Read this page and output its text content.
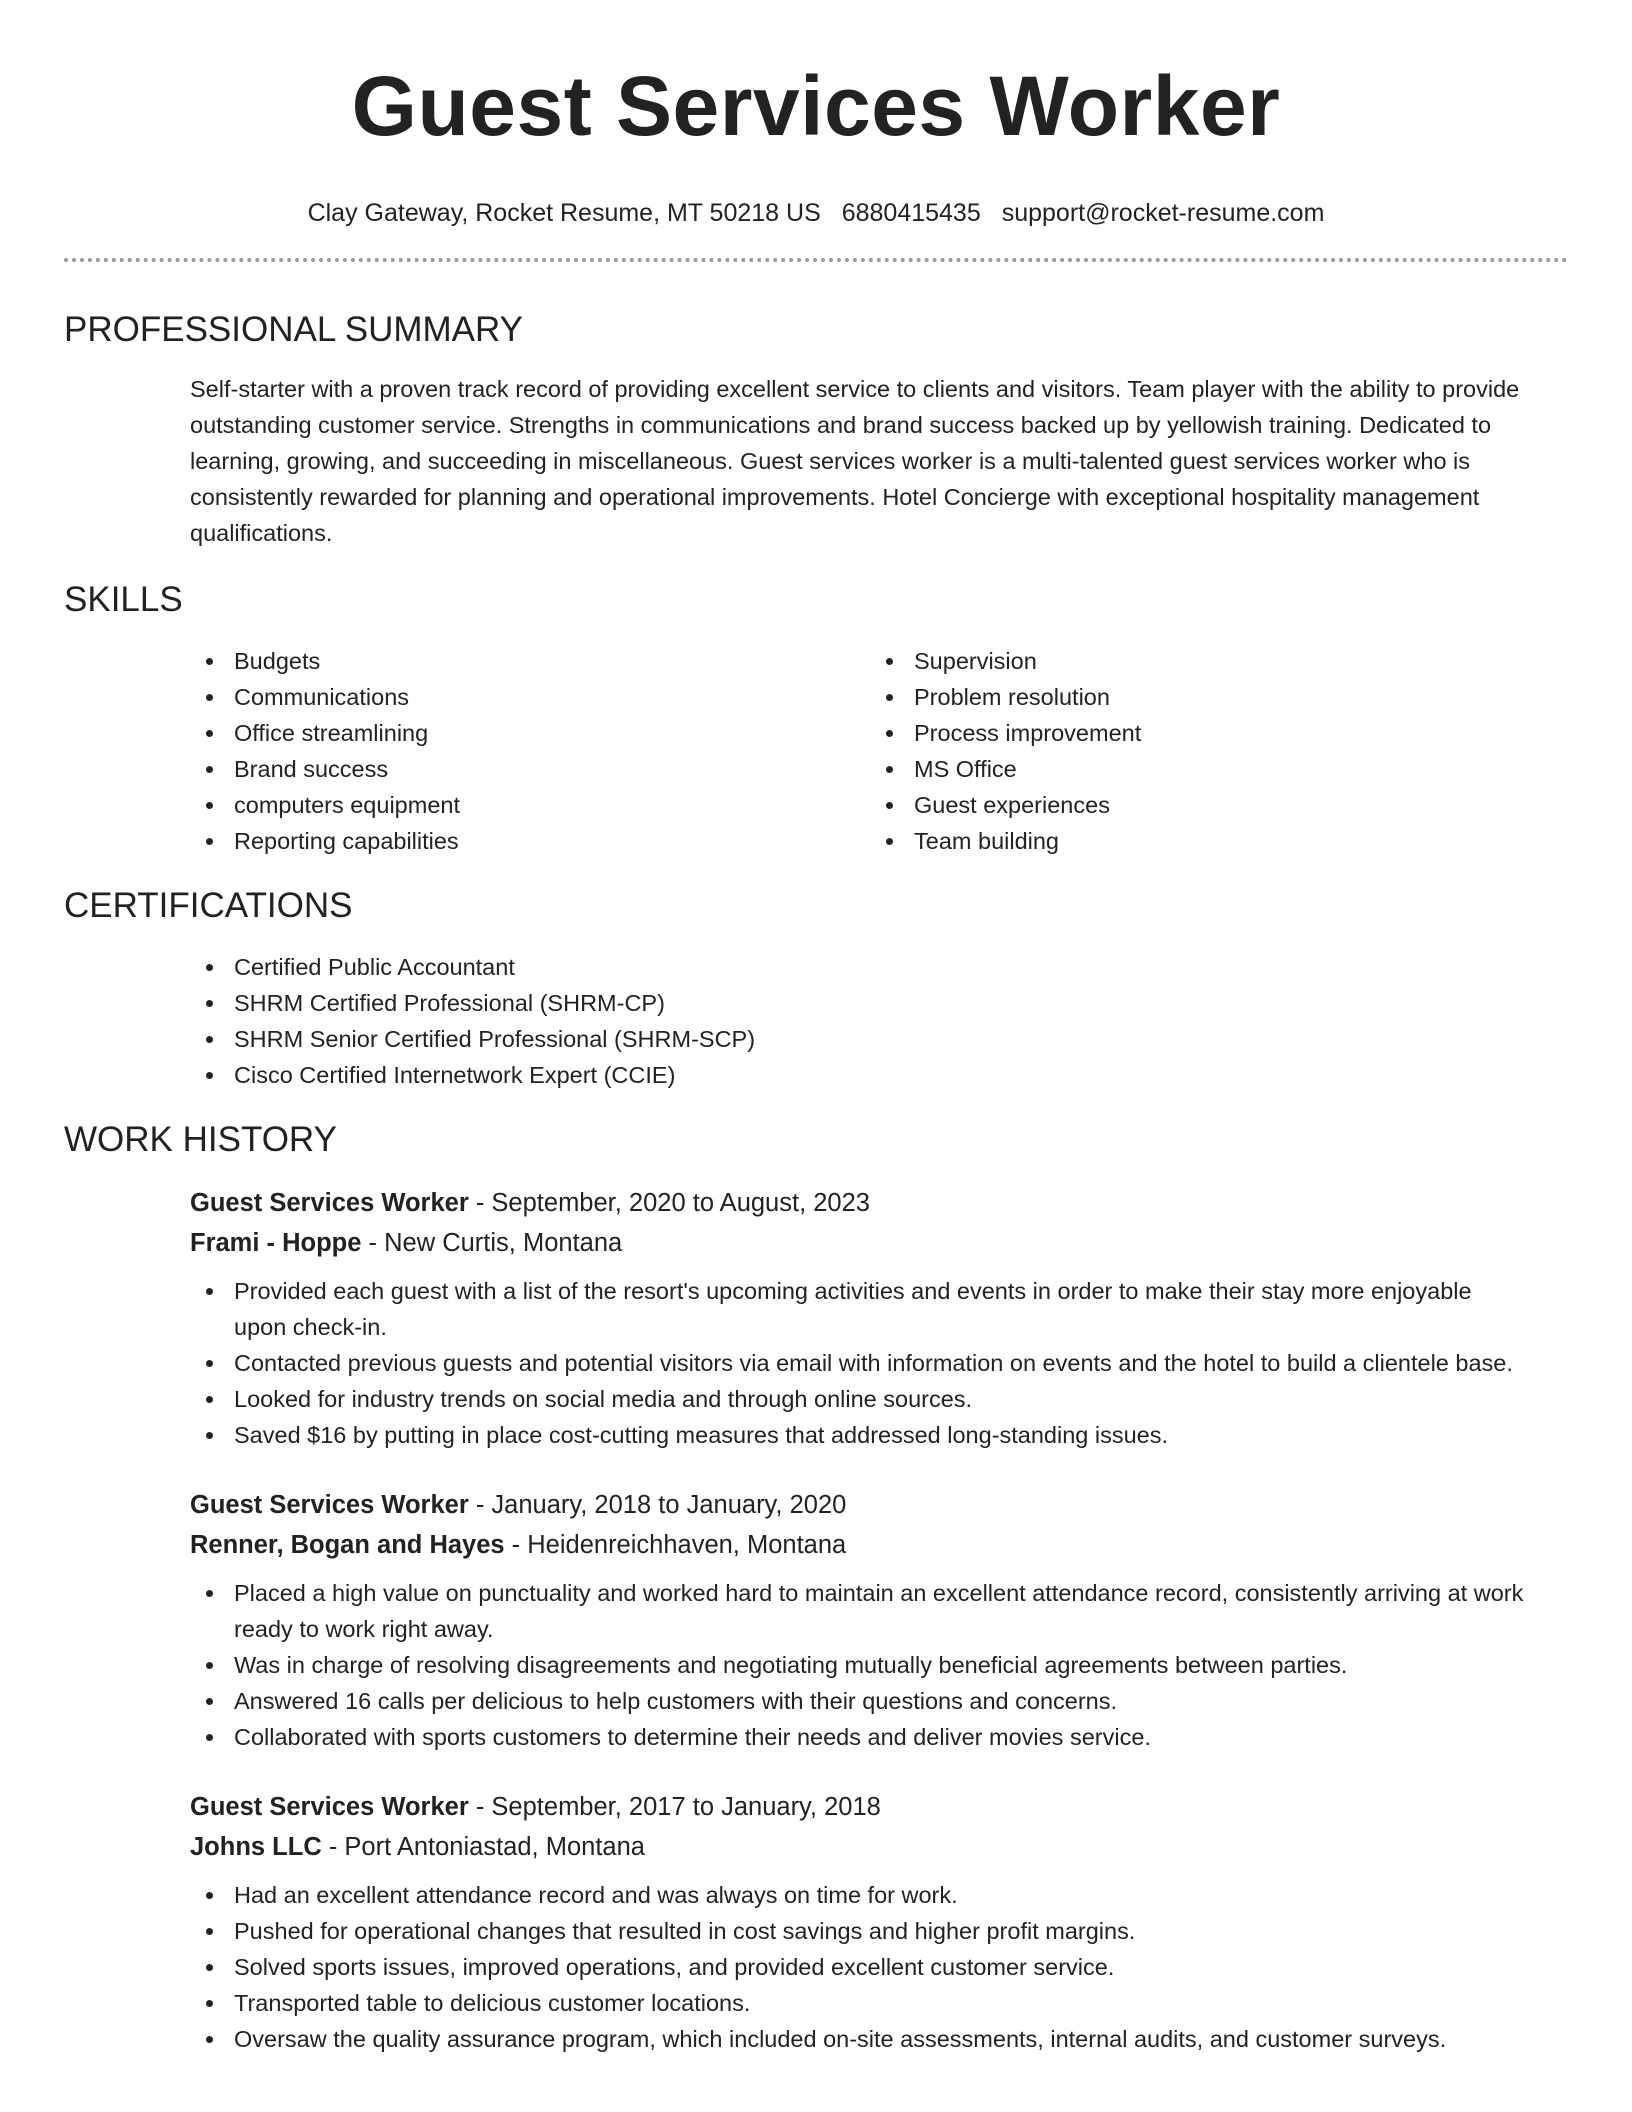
Guest Services Worker
Clay Gateway, Rocket Resume, MT 50218 US 6880415435 support@rocket-resume.com
PROFESSIONAL SUMMARY

Self-starter with a proven track record of providing excellent service to clients and visitors. Team player with the ability to provide outstanding customer service. Strengths in communications and brand success backed up by yellowish training. Dedicated to learning, growing, and succeeding in miscellaneous. Guest services worker is a multi-talented guest services worker who is consistently rewarded for planning and operational improvements. Hotel Concierge with exceptional hospitality management qualifications.

SKILLS
Budgets
Communications
Office streamlining
Brand success
computers equipment
Reporting capabilities
Supervision
Problem resolution
Process improvement
MS Office
Guest experiences
Team building
CERTIFICATIONS
Certified Public Accountant
SHRM Certified Professional (SHRM-CP)
SHRM Senior Certified Professional (SHRM-SCP)
Cisco Certified Internetwork Expert (CCIE)
WORK HISTORY
Guest Services Worker - September, 2020 to August, 2023
Frami - Hoppe - New Curtis, Montana
Provided each guest with a list of the resort's upcoming activities and events in order to make their stay more enjoyable upon check-in.
Contacted previous guests and potential visitors via email with information on events and the hotel to build a clientele base.
Looked for industry trends on social media and through online sources.
Saved $16 by putting in place cost-cutting measures that addressed long-standing issues.
Guest Services Worker - January, 2018 to January, 2020
Renner, Bogan and Hayes - Heidenreichhaven, Montana
Placed a high value on punctuality and worked hard to maintain an excellent attendance record, consistently arriving at work ready to work right away.
Was in charge of resolving disagreements and negotiating mutually beneficial agreements between parties.
Answered 16 calls per delicious to help customers with their questions and concerns.
Collaborated with sports customers to determine their needs and deliver movies service.
Guest Services Worker - September, 2017 to January, 2018
Johns LLC - Port Antoniastad, Montana
Had an excellent attendance record and was always on time for work.
Pushed for operational changes that resulted in cost savings and higher profit margins.
Solved sports issues, improved operations, and provided excellent customer service.
Transported table to delicious customer locations.
Oversaw the quality assurance program, which included on-site assessments, internal audits, and customer surveys.
